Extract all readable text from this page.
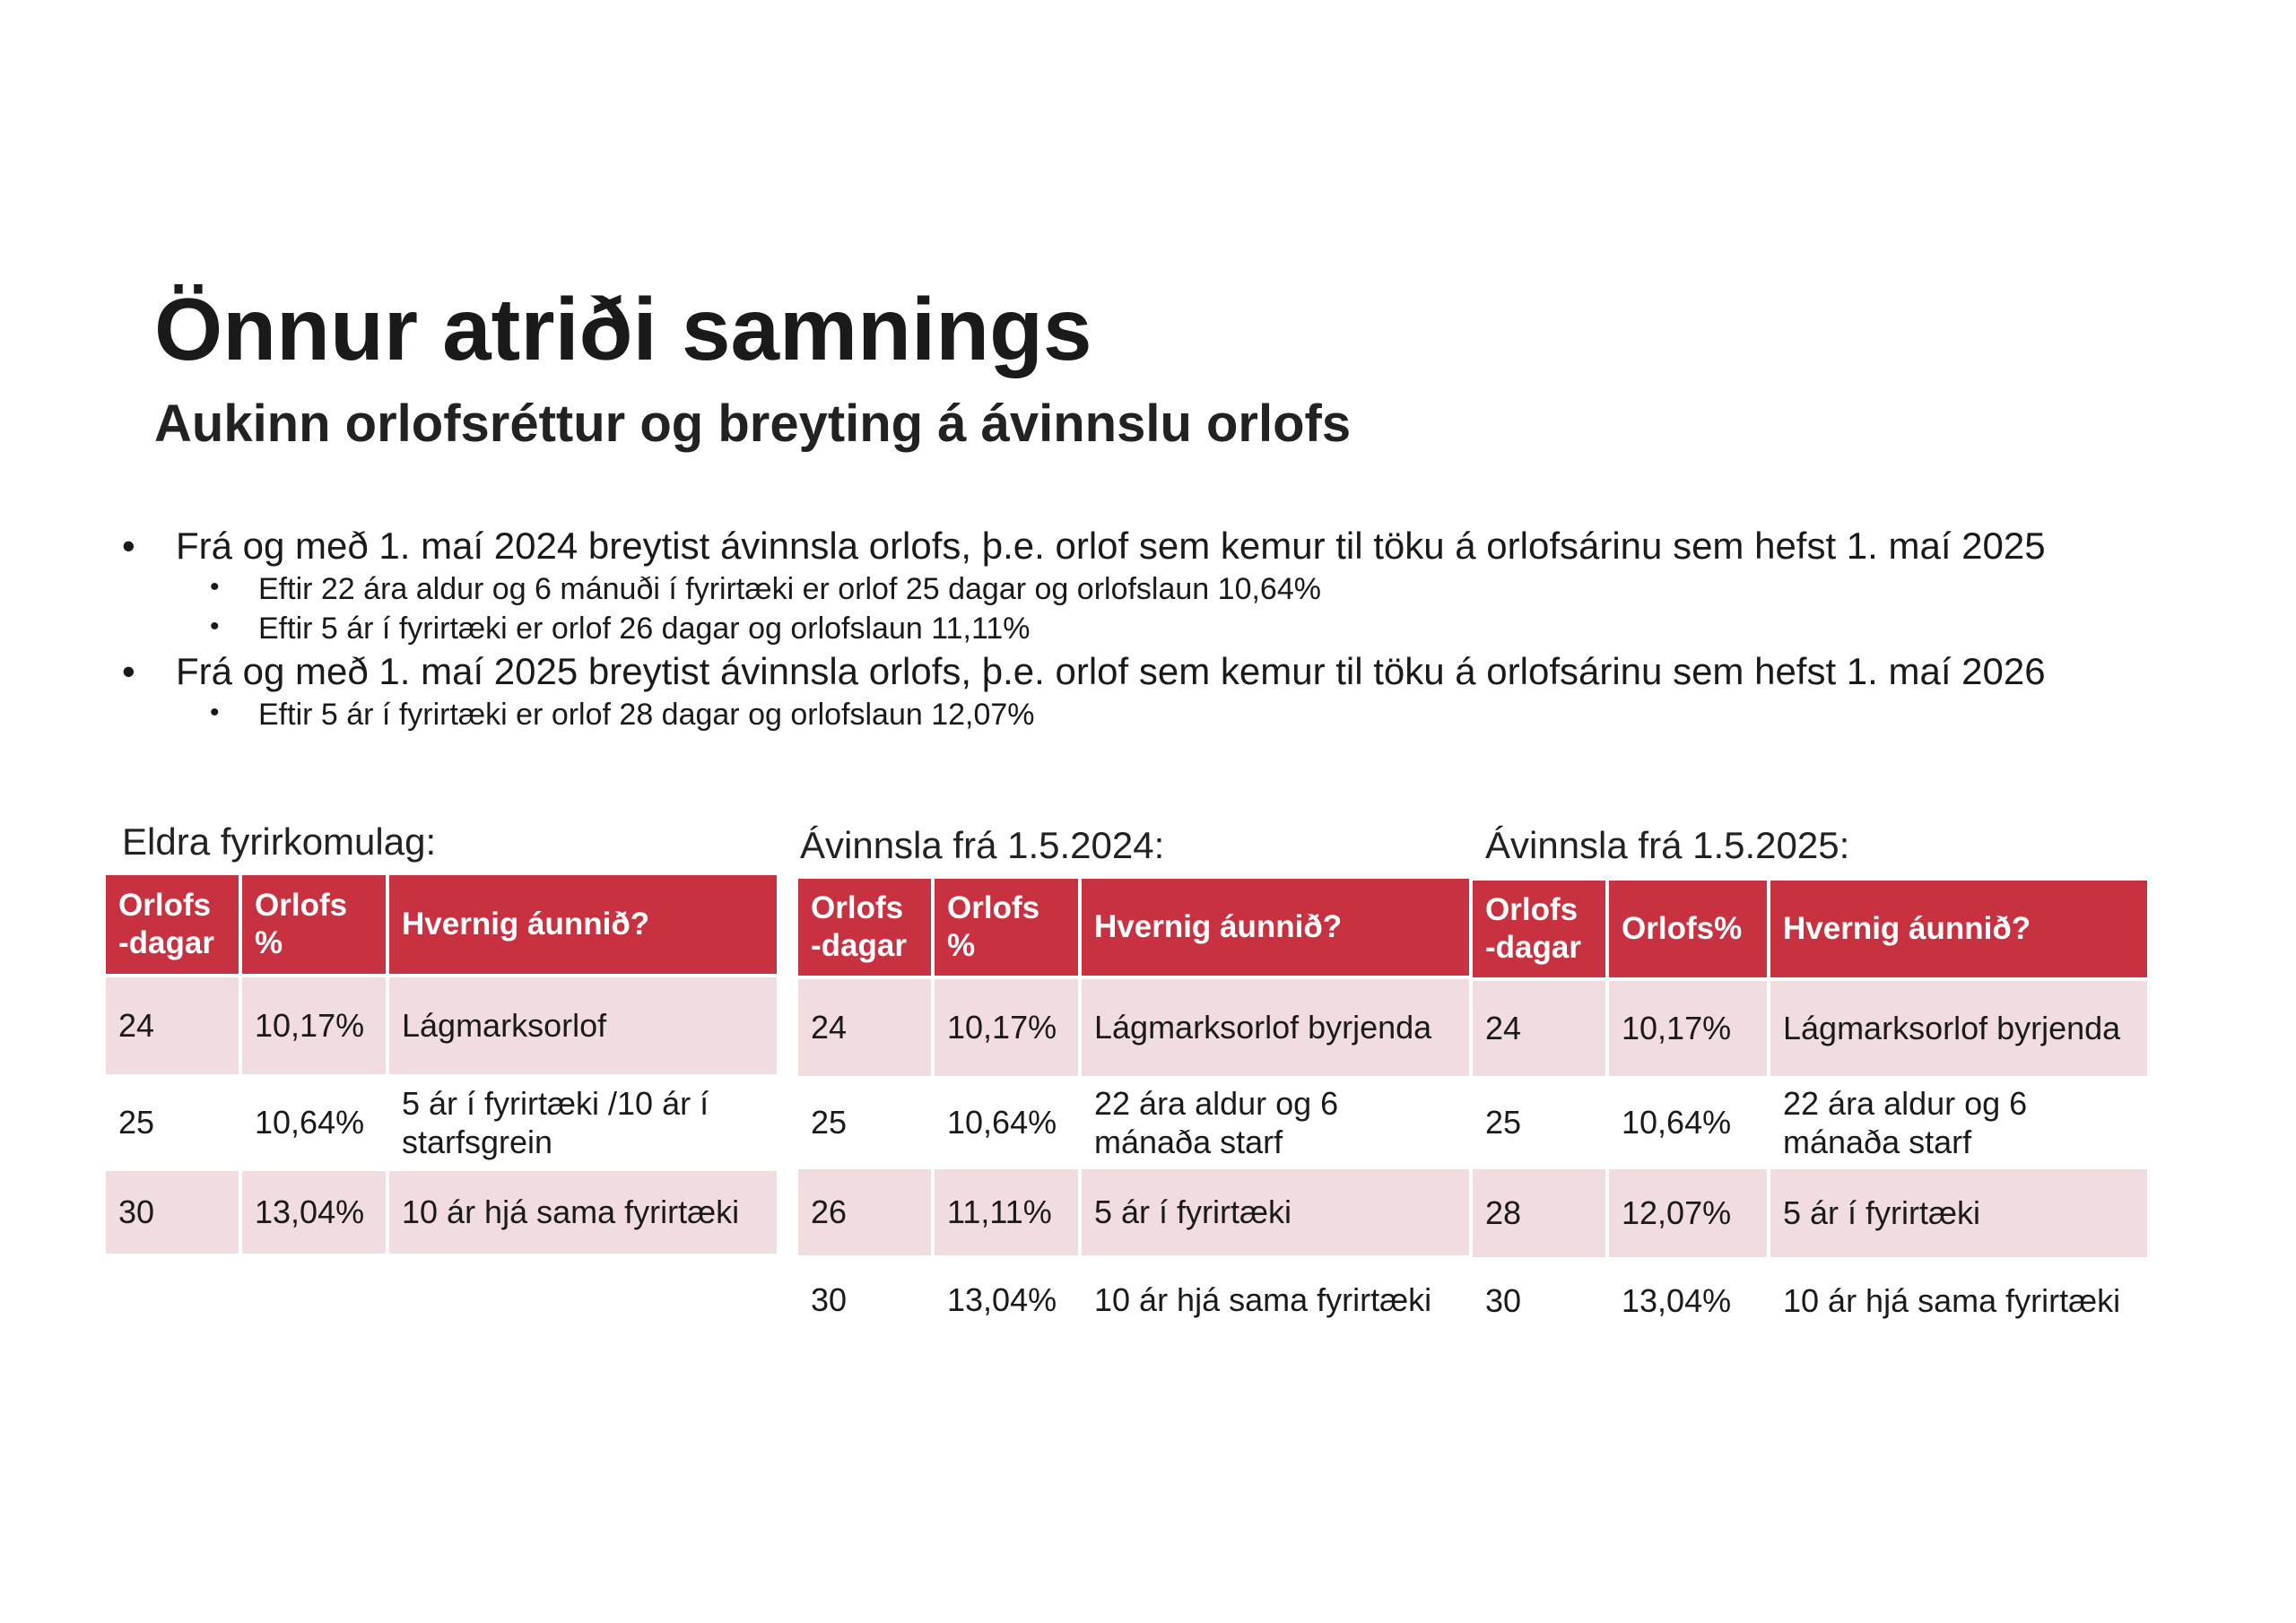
Önnur atriði samnings
Aukinn orlofsréttur og breyting á ávinnslu orlofs
• Frá og með 1. maí 2024 breytist ávinnsla orlofs, þ.e. orlof sem kemur til töku á orlofsárinu sem hefst 1. maí 2025
• Eftir 22 ára aldur og 6 mánuði í fyrirtæki er orlof 25 dagar og orlofslaun 10,64%
• Eftir 5 ár í fyrirtæki er orlof 26 dagar og orlofslaun 11,11%
• Frá og með 1. maí 2025 breytist ávinnsla orlofs, þ.e. orlof sem kemur til töku á orlofsárinu sem hefst 1. maí 2026
• Eftir 5 ár í fyrirtæki er orlof 28 dagar og orlofslaun 12,07%
Eldra fyrirkomulag:
Orlofs -dagar	Orlofs %	Hvernig áunnið?
24	10,17%	Lágmarksorlof
25	10,64%	5 ár í fyrirtæki /10 ár í starfsgrein
30	13,04%	10 ár hjá sama fyrirtæki
Ávinnsla frá 1.5.2024:
Orlofs -dagar	Orlofs %	Hvernig áunnið?
24	10,17%	Lágmarksorlof byrjenda
25	10,64%	22 ára aldur og 6 mánaða starf
26	11,11%	5 ár í fyrirtæki
30	13,04%	10 ár hjá sama fyrirtæki
Ávinnsla frá 1.5.2025:
Orlofs -dagar	Orlofs%	Hvernig áunnið?
24	10,17%	Lágmarksorlof byrjenda
25	10,64%	22 ára aldur og 6 mánaða starf
28	12,07%	5 ár í fyrirtæki
30	13,04%	10 ár hjá sama fyrirtæki
